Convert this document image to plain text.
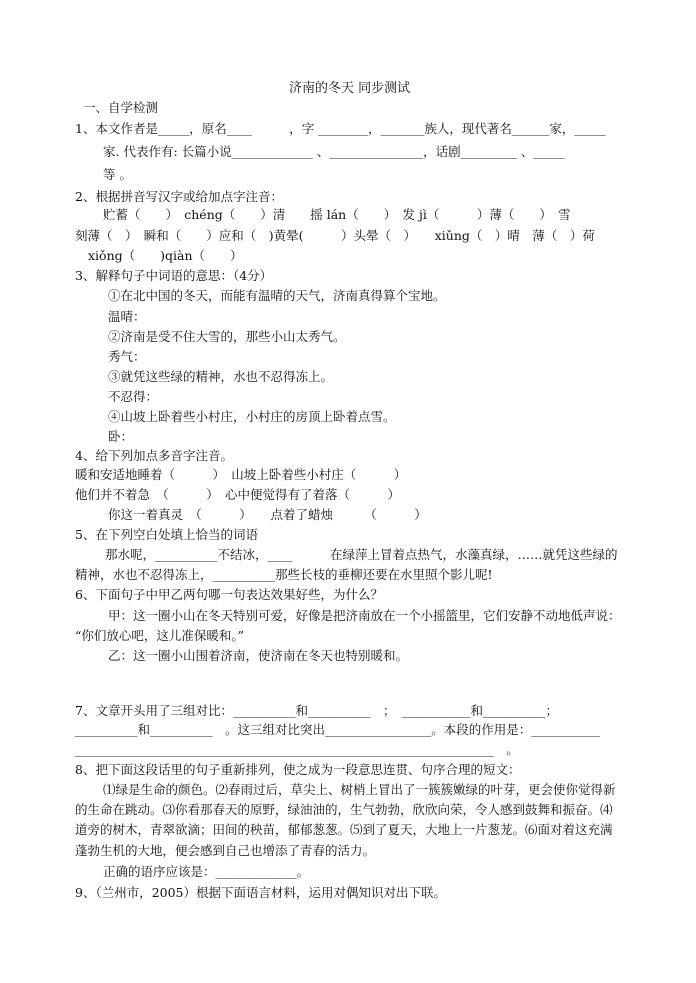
济南的冬天 同步测试
一、自学检测
1、本文作者是_____，原名____　　　，字 ________，_______族人，现代著名______家，_____
家. 代表作有: 长篇小说_____________ 、_______________，话剧_________ 、_____
等 。
2、根据拼音写汉字或给加点字注音：
贮蓄（　　）　chéng（　　）清　　摇 lán（　　）　发 jì（　　　）薄（　　）　雪
刻薄（　）　瞬和（　　）应和（　)黄晕(　　　）头晕（　）　　xiǔng（　）晴　薄（　）荷
xiǒng（　　)qiàn（　　）
3、解释句子中词语的意思：（4分）
①在北中国的冬天，而能有温晴的天气，济南真得算个宝地。
温晴：
②济南是受不住大雪的，那些小山太秀气。
秀气：
③就凭这些绿的精神，水也不忍得冻上。
不忍得：
④山坡上卧着些小村庄，小村庄的房顶上卧着点雪。
卧：
4、给下列加点多音字注音。
暖和安适地睡着（　　　）　山坡上卧着些小村庄（　　　）
他们并不着急　（　　　）　心中便觉得有了着落（　　　）
你这一着真灵　（　　　）　　点着了蜡烛　　　（　　　）
5、在下列空白处填上恰当的词语
那水呢，__________不结冰，____　　　在绿萍上冒着点热气，水藻真绿，……就凭这些绿的
精神，水也不忍得冻上，__________那些长枝的垂柳还要在水里照个影儿呢!
6、下面句子中甲乙两句哪一句表达效果好些，为什么？
甲：这一圈小山在冬天特别可爱，好像是把济南放在一个小摇篮里，它们安静不动地低声说：
“你们放心吧，这儿准保暖和。”
乙：这一圈小山围着济南，使济南在冬天也特别暖和。
7、文章开头用了三组对比：__________和__________　；　___________和__________；
__________和__________　。这三组对比突出_________________。本段的作用是：___________
___________________________________________________________________　。
8、把下面这段话里的句子重新排列，使之成为一段意思连贯、句序合理的短文：
⑴绿是生命的颜色。⑵春雨过后，草尖上、树梢上冒出了一簇簇嫩绿的叶芽，更会使你觉得新
的生命在跳动。⑶你看那春天的原野，绿油油的，生气勃勃，欣欣向荣，令人感到鼓舞和振奋。⑷
道旁的树木，青翠欲滴；田间的秧苗，郁郁葱葱。⑸到了夏天，大地上一片葱茏。⑹面对着这充满
蓬勃生机的大地，便会感到自己也增添了青春的活力。
正确的语序应该是：_____________。
9、（兰州市，2005）根据下面语言材料，运用对偶知识对出下联。
